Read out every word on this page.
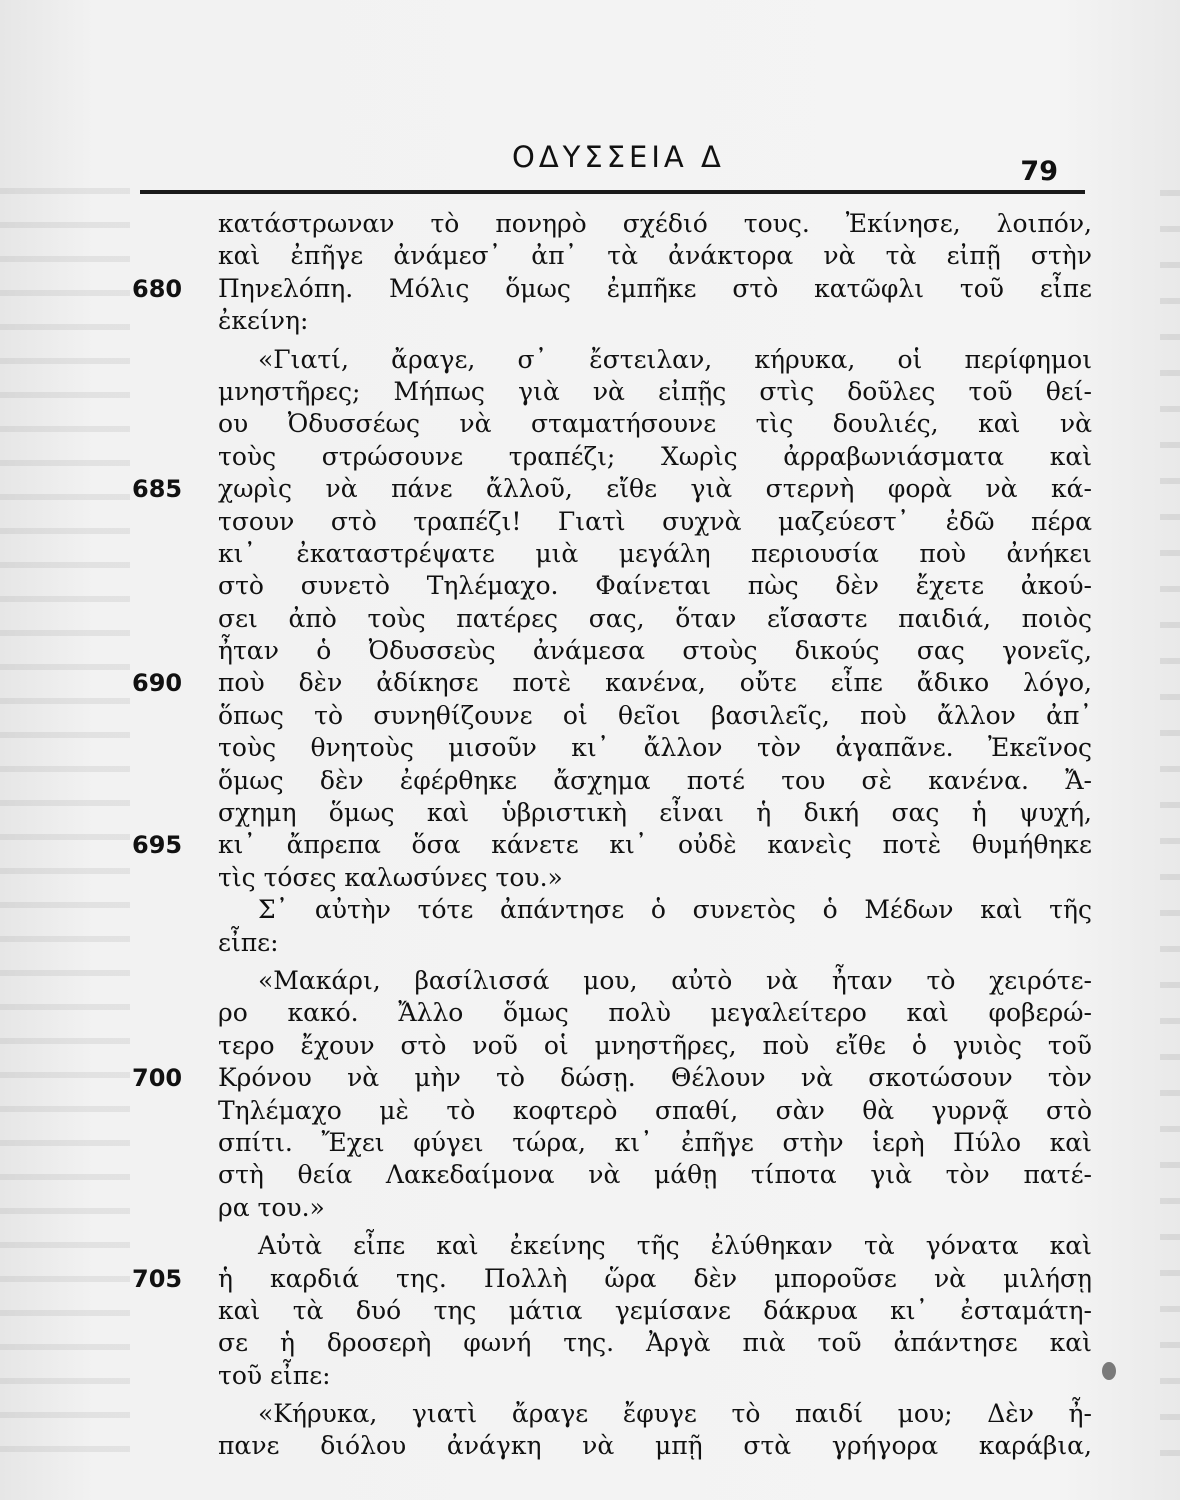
ΟΔΥΣΣΕΙΑ Δ	79
κατάστρωναν τὸ πονηρὸ σχέδιό τους. Ἐκίνησε, λοιπόν,
καὶ ἐπῆγε ἀνάμεσ᾽ ἀπ᾽ τὰ ἀνάκτορα νὰ τὰ εἰπῇ στὴν
680	Πηνελόπη. Μόλις ὅμως ἐμπῆκε στὸ κατῶφλι τοῦ εἶπε
ἐκείνη:
«Γιατί, ἄραγε, σ᾽ ἔστειλαν, κήρυκα, οἱ περίφημοι
μνηστῆρες; Μήπως γιὰ νὰ εἰπῇς στὶς δοῦλες τοῦ θεί-
ου Ὀδυσσέως νὰ σταματήσουνε τὶς δουλιές, καὶ νὰ
τοὺς στρώσουνε τραπέζι; Χωρὶς ἀρραβωνιάσματα καὶ
685	χωρὶς νὰ πάνε ἄλλοῦ, εἴθε γιὰ στερνὴ φορὰ νὰ κά-
τσουν στὸ τραπέζι! Γιατὶ συχνὰ μαζεύεστ᾽ ἐδῶ πέρα
κι᾽ ἐκαταστρέψατε μιὰ μεγάλη περιουσία ποὺ ἀνήκει
στὸ συνετὸ Τηλέμαχο. Φαίνεται πὼς δὲν ἔχετε ἀκού-
σει ἀπὸ τοὺς πατέρες σας, ὅταν εἴσαστε παιδιά, ποιὸς
ἦταν ὁ Ὀδυσσεὺς ἀνάμεσα στοὺς δικούς σας γονεῖς,
690	ποὺ δὲν ἀδίκησε ποτὲ κανένα, οὔτε εἶπε ἄδικο λόγο,
ὅπως τὸ συνηθίζουνε οἱ θεῖοι βασιλεῖς, ποὺ ἄλλον ἀπ᾽
τοὺς θνητοὺς μισοῦν κι᾽ ἄλλον τὸν ἀγαπᾶνε. Ἐκεῖνος
ὅμως δὲν ἐφέρθηκε ἄσχημα ποτέ του σὲ κανένα. Ἄ-
σχημη ὅμως καὶ ὑβριστικὴ εἶναι ἡ δική σας ἡ ψυχή,
695	κι᾽ ἄπρεπα ὅσα κάνετε κι᾽ οὐδὲ κανεὶς ποτὲ θυμήθηκε
τὶς τόσες καλωσύνες του.»
Σ᾽ αὐτὴν τότε ἀπάντησε ὁ συνετὸς ὁ Μέδων καὶ τῆς
εἶπε:
«Μακάρι, βασίλισσά μου, αὐτὸ νὰ ἦταν τὸ χειρότε-
ρο κακό. Ἄλλο ὅμως πολὺ μεγαλείτερο καὶ φοβερώ-
τερο ἔχουν στὸ νοῦ οἱ μνηστῆρες, ποὺ εἴθε ὁ γυιὸς τοῦ
700	Κρόνου νὰ μὴν τὸ δώσῃ. Θέλουν νὰ σκοτώσουν τὸν
Τηλέμαχο μὲ τὸ κοφτερὸ σπαθί, σὰν θὰ γυρνᾷ στὸ
σπίτι. Ἔχει φύγει τώρα, κι᾽ ἐπῆγε στὴν ἱερὴ Πύλο καὶ
στὴ θεία Λακεδαίμονα νὰ μάθῃ τίποτα γιὰ τὸν πατέ-
ρα του.»
Αὐτὰ εἶπε καὶ ἐκείνης τῆς ἐλύθηκαν τὰ γόνατα καὶ
705	ἡ καρδιά της. Πολλὴ ὥρα δὲν μποροῦσε νὰ μιλήσῃ
καὶ τὰ δυό της μάτια γεμίσανε δάκρυα κι᾽ ἐσταμάτη-
σε ἡ δροσερὴ φωνή της. Ἀργὰ πιὰ τοῦ ἀπάντησε καὶ
τοῦ εἶπε:
«Κήρυκα, γιατὶ ἄραγε ἔφυγε τὸ παιδί μου; Δὲν ἦ-
πανε διόλου ἀνάγκη νὰ μπῇ στὰ γρήγορα καράβια,
